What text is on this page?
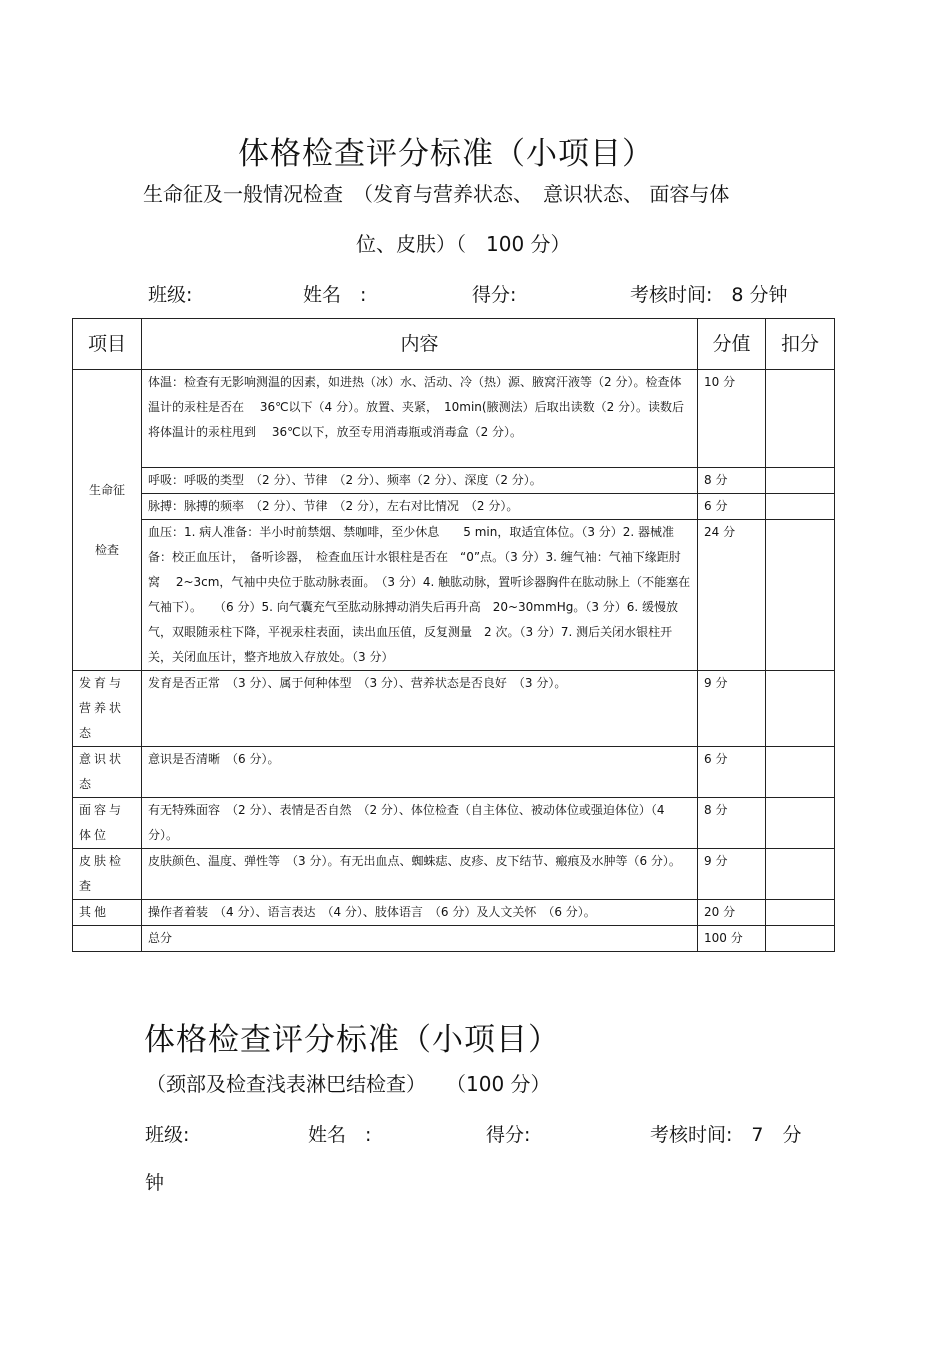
体格检查评分标准（小项目）
生命征及一般情况检查　（发育与营养状态、　意识状态、 面容与体
位、皮肤）（　100 分）
班级:	姓名　:	得分:	考核时间:　8 分钟
项目	内容	分值	扣分

生命征
检查	体温：检查有无影响测温的因素，如进热（冰）水、活动、冷（热）源、腋窝汗液等（2 分）。检查体温计的汞柱是否在　 36℃以下（4 分）。放置、夹紧，　10min(腋测法）后取出读数（2 分）。读数后将体温计的汞柱甩到　 36℃以下，放至专用消毒瓶或消毒盒（2 分）。	10 分	
	呼吸：呼吸的类型　（2 分）、节律　（2 分）、频率（2 分）、深度（2 分）。	8 分	
	脉搏：脉搏的频率　（2 分）、节律　（2 分），左右对比情况　（2 分）。	6 分	
	血压：1. 病人准备：半小时前禁烟、禁咖啡，至少休息　　5 min，取适宜体位。（3 分）2. 器械准备：校正血压计，　备听诊器，　检查血压计水银柱是否在　“0”点。（3 分）3. 缠气袖：气袖下缘距肘窝　 2~3cm，气袖中央位于肱动脉表面。　（3 分）4. 触肱动脉，置听诊器胸件在肱动脉上（不能塞在气袖下）。　　（6 分）5. 向气囊充气至肱动脉搏动消失后再升高　20~30mmHg。（3 分）6. 缓慢放气，双眼随汞柱下降，平视汞柱表面，读出血压值，反复测量　2 次。（3 分）7. 测后关闭水银柱开关，关闭血压计，整齐地放入存放处。（3 分）	24 分	
发育与营养状态	发育是否正常　（3 分）、属于何种体型　（3 分）、营养状态是否良好　（3 分）。	9 分	
意识状态	意识是否清晰　（6 分）。	6 分	
面容与体位	有无特殊面容　（2 分）、表情是否自然　（2 分）、体位检查（自主体位、被动体位或强迫体位）（4 分）。	8 分	
皮肤检查	皮肤颜色、温度、弹性等　（3 分）。有无出血点、蜘蛛痣、皮疹、皮下结节、瘢痕及水肿等（6 分）。	9 分	
其他	操作者着装　（4 分）、语言表达　（4 分）、肢体语言　（6 分）及人文关怀　（6 分）。	20 分	
	总分	100 分	
体格检查评分标准（小项目）
（颈部及检查浅表淋巴结检查）　　（100 分）
班级:	姓名　:	得分:	考核时间:　7　分
钟
